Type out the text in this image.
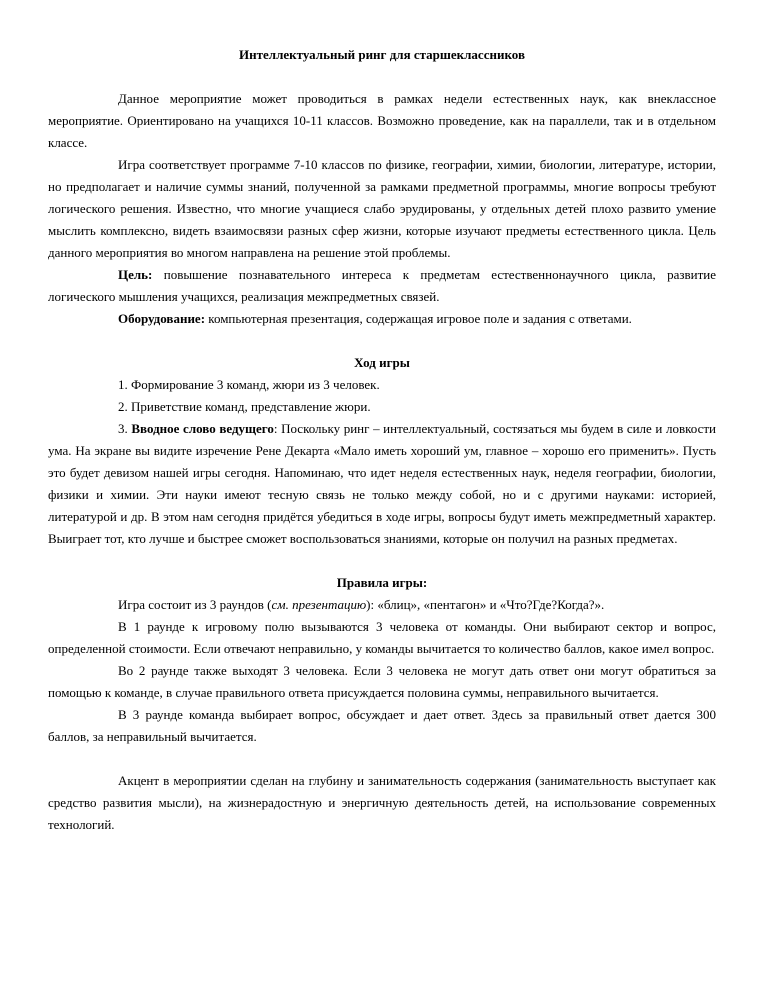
Интеллектуальный ринг для старшеклассников

Данное мероприятие может проводиться в рамках недели естественных наук, как внеклассное мероприятие. Ориентировано на учащихся 10-11 классов. Возможно проведение, как на параллели, так и в отдельном классе.

Игра соответствует программе 7-10 классов по физике, географии, химии, биологии, литературе, истории, но предполагает и наличие суммы знаний, полученной за рамками предметной программы, многие вопросы требуют логического решения. Известно, что многие учащиеся слабо эрудированы, у отдельных детей плохо развито умение мыслить комплексно, видеть взаимосвязи разных сфер жизни, которые изучают предметы естественного цикла. Цель данного мероприятия во многом направлена на решение этой проблемы.

Цель: повышение познавательного интереса к предметам естественнонаучного цикла, развитие логического мышления учащихся, реализация межпредметных связей.

Оборудование: компьютерная презентация, содержащая игровое поле и задания с ответами.

Ход игры

1. Формирование 3 команд, жюри из 3 человек.

2. Приветствие команд, представление жюри.

3. Вводное слово ведущего: Поскольку ринг – интеллектуальный, состязаться мы будем в силе и ловкости ума. На экране вы видите изречение Рене Декарта «Мало иметь хороший ум, главное – хорошо его применить». Пусть это будет девизом нашей игры сегодня. Напоминаю, что идет неделя естественных наук, неделя географии, биологии, физики и химии. Эти науки имеют тесную связь не только между собой, но и с другими науками: историей, литературой и др. В этом нам сегодня придётся убедиться в ходе игры, вопросы будут иметь межпредметный характер. Выиграет тот, кто лучше и быстрее сможет воспользоваться знаниями, которые он получил на разных предметах.

Правила игры:

Игра состоит из 3 раундов (см. презентацию): «блиц», «пентагон» и «Что?Где?Когда?».

В 1 раунде к игровому полю вызываются 3 человека от команды. Они выбирают сектор и вопрос, определенной стоимости. Если отвечают неправильно, у команды вычитается то количество баллов, какое имел вопрос.

Во 2 раунде также выходят 3 человека. Если 3 человека не могут дать ответ они могут обратиться за помощью к команде, в случае правильного ответа присуждается половина суммы, неправильного вычитается.

В 3 раунде команда выбирает вопрос, обсуждает и дает ответ. Здесь за правильный ответ дается 300 баллов, за неправильный вычитается.

Акцент в мероприятии сделан на глубину и занимательность содержания (занимательность выступает как средство развития мысли), на жизнерадостную и энергичную деятельность детей, на использование современных технологий.
